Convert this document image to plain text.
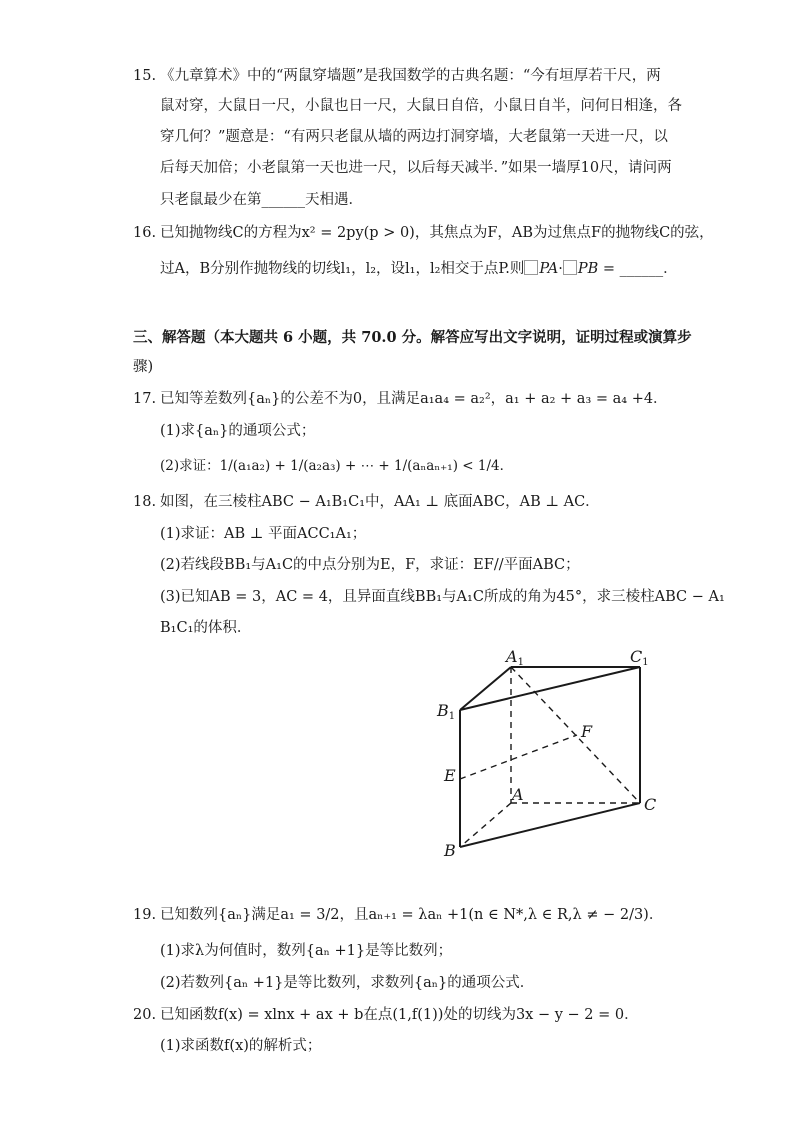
15. 《九章算术》中的“两鼠穿墙题”是我国数学的古典名题：“今有垣厚若干尺，两
鼠对穿，大鼠日一尺，小鼠也日一尺，大鼠日自倍，小鼠日自半，问何日相逢，各
穿几何？”题意是：“有两只老鼠从墙的两边打洞穿墙，大老鼠第一天进一尺，以
后每天加倍；小老鼠第一天也进一尺，以后每天减半．”如果一墙厚10尺，请问两
只老鼠最少在第______天相遇．
16. 已知抛物线C的方程为x² = 2py(p > 0)，其焦点为F，AB为过焦点F的抛物线C的弦，
过A，B分别作抛物线的切线l₁，l₂，设l₁，l₂相交于点P.则 PA· PB = ______．
三、解答题（本大题共 6 小题，共 70.0 分。解答应写出文字说明，证明过程或演算步
骤)
17. 已知等差数列{aₙ}的公差不为0，且满足a₁a₄ = a₂²，a₁ + a₂ + a₃ = a₄ +4．
(1)求{aₙ}的通项公式；
(2)求证：1/(a₁a₂) + 1/(a₂a₃) + ⋯ + 1/(aₙaₙ₊₁) < 1/4．
18. 如图，在三棱柱ABC − A₁B₁C₁中，AA₁ ⊥ 底面ABC，AB ⊥ AC．
(1)求证：AB ⊥ 平面ACC₁A₁；
(2)若线段BB₁与A₁C的中点分别为E，F，求证：EF//平面ABC；
(3)已知AB = 3，AC = 4，且异面直线BB₁与A₁C所成的角为45°，求三棱柱ABC − A₁
B₁C₁的体积．
A1	C1
B1
F
E
A
C
B
19. 已知数列{aₙ}满足a₁ = 3/2，且aₙ₊₁ = λaₙ +1(n ∈ N*,λ ∈ R,λ ≠ − 2/3)．
(1)求λ为何值时，数列{aₙ +1}是等比数列；
(2)若数列{aₙ +1}是等比数列，求数列{aₙ}的通项公式．
20. 已知函数f(x) = xlnx + ax + b在点(1,f(1))处的切线为3x − y − 2 = 0．
(1)求函数f(x)的解析式；
